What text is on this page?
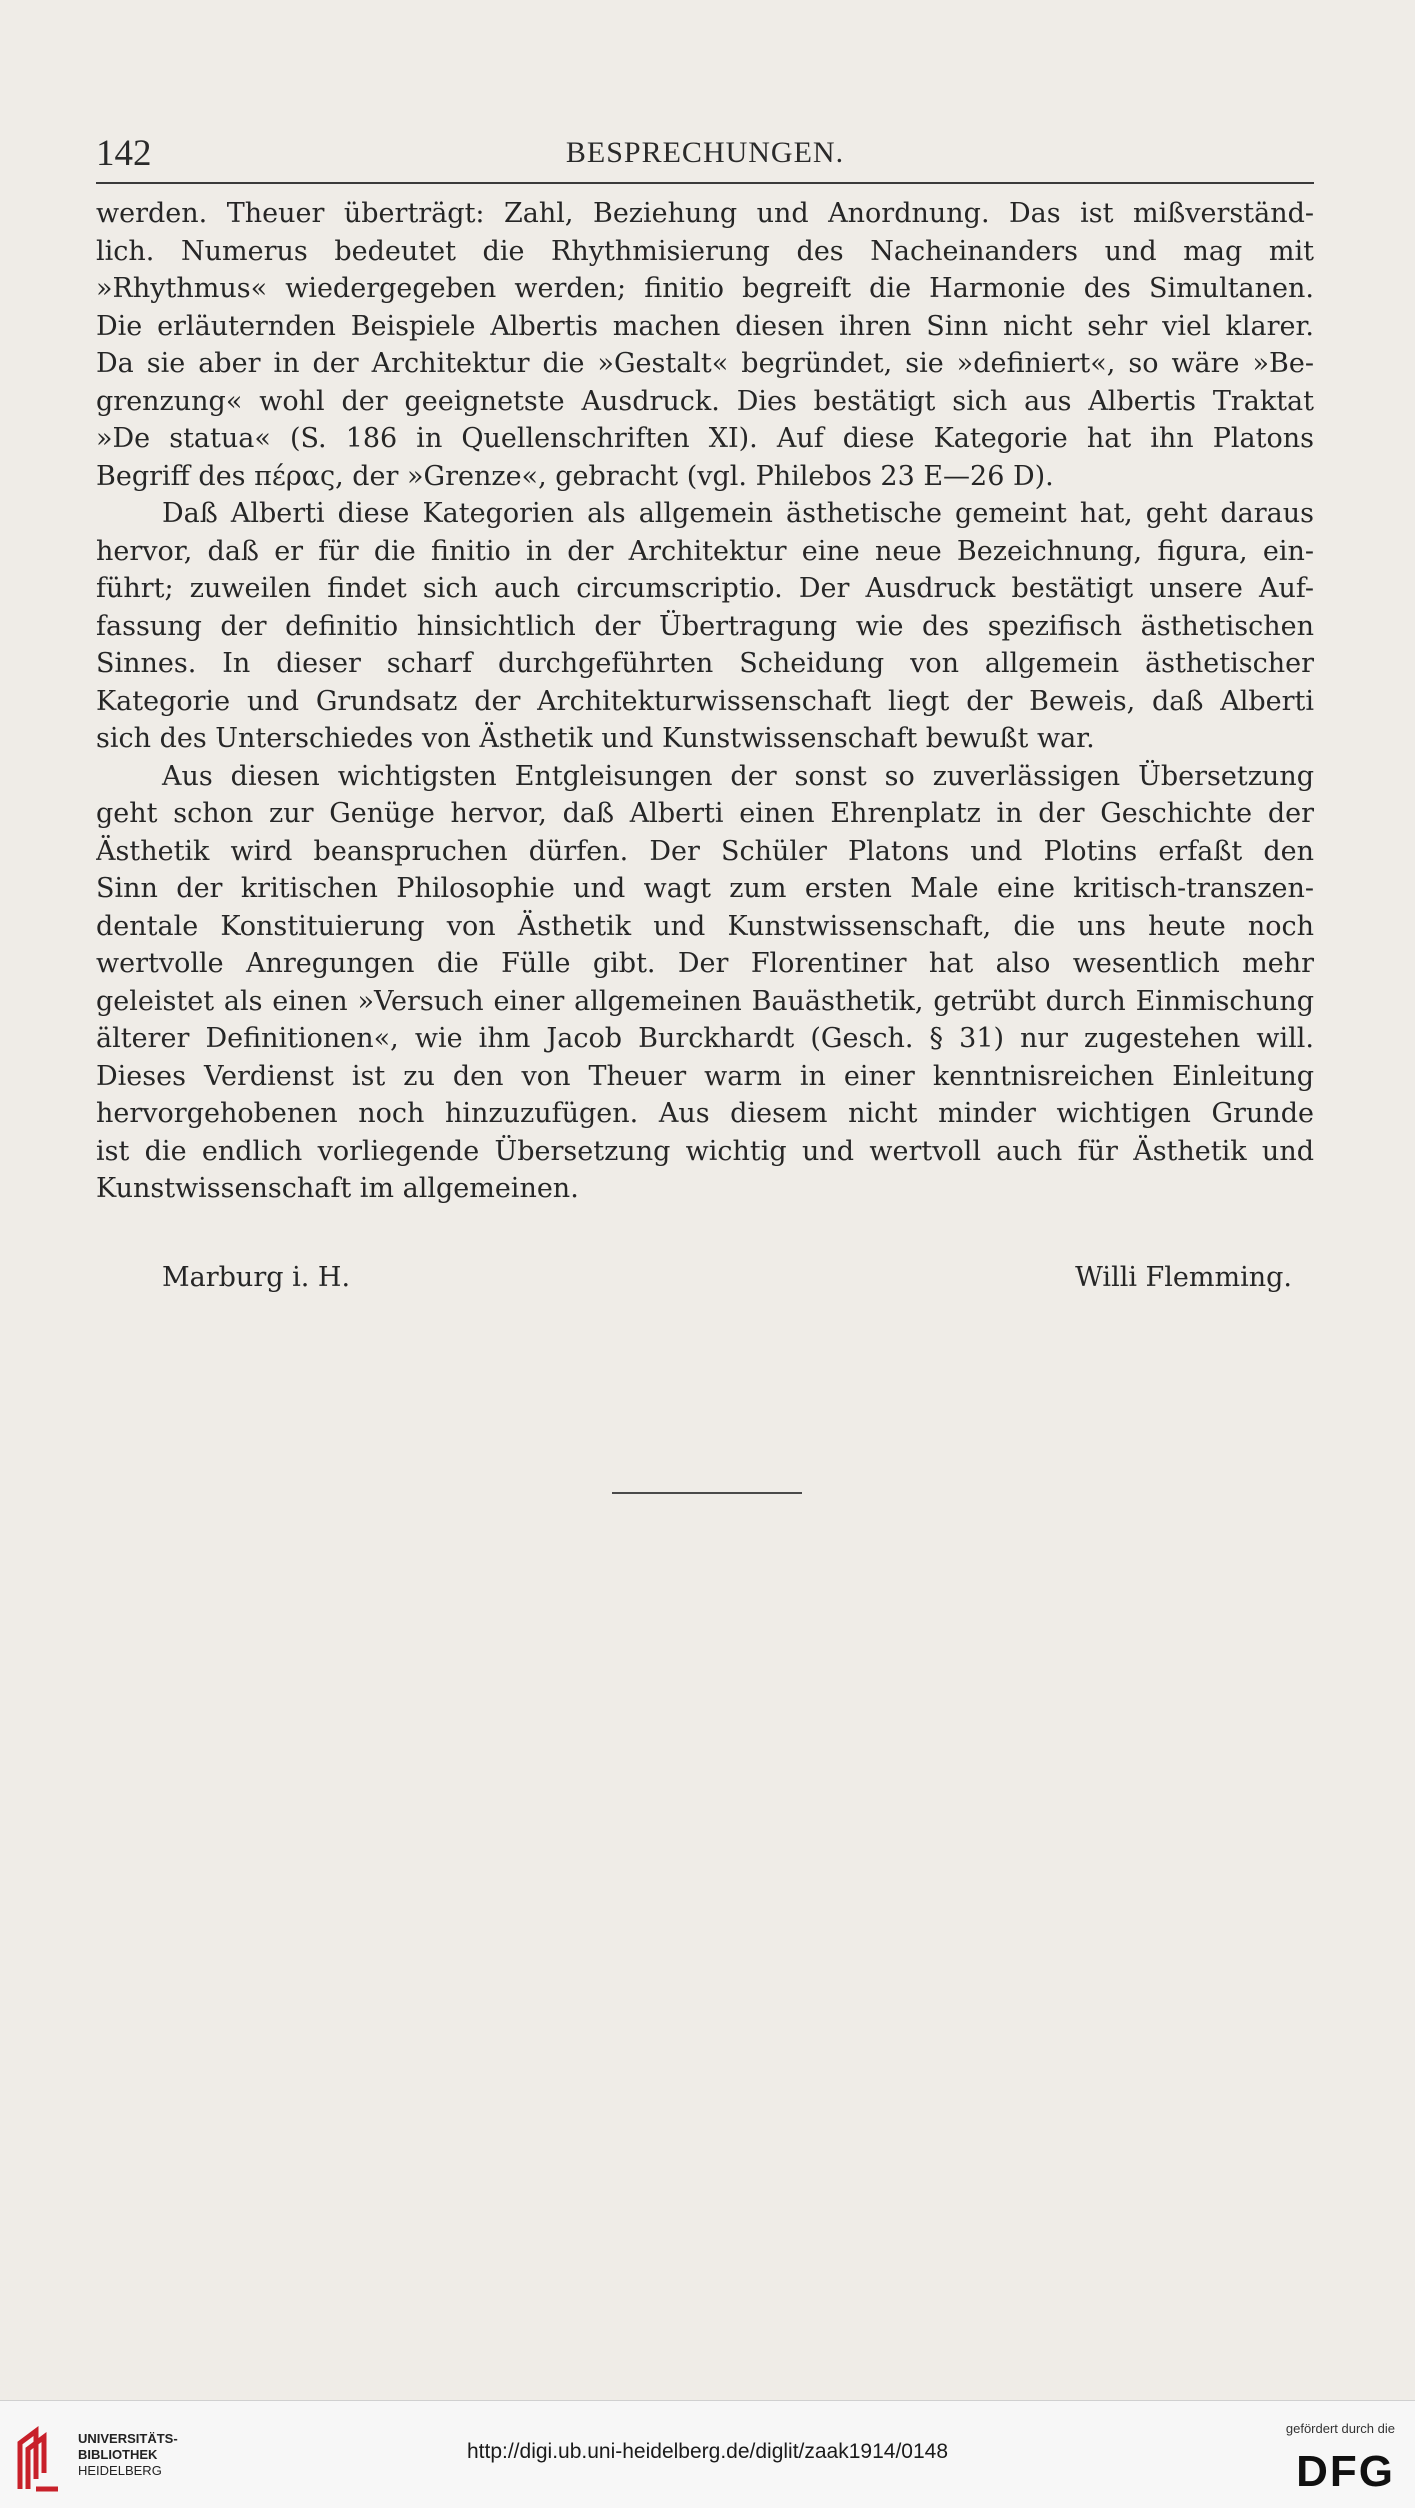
142	BESPRECHUNGEN.
werden. Theuer überträgt: Zahl, Beziehung und Anordnung. Das ist mißverständ-
lich. Numerus bedeutet die Rhythmisierung des Nacheinanders und mag mit
»Rhythmus« wiedergegeben werden; finitio begreift die Harmonie des Simultanen.
Die erläuternden Beispiele Albertis machen diesen ihren Sinn nicht sehr viel klarer.
Da sie aber in der Architektur die »Gestalt« begründet, sie »definiert«, so wäre »Be-
grenzung« wohl der geeignetste Ausdruck. Dies bestätigt sich aus Albertis Traktat
»De statua« (S. 186 in Quellenschriften XI). Auf diese Kategorie hat ihn Platons
Begriff des πέρας, der »Grenze«, gebracht (vgl. Philebos 23 E—26 D).
Daß Alberti diese Kategorien als allgemein ästhetische gemeint hat, geht daraus
hervor, daß er für die finitio in der Architektur eine neue Bezeichnung, figura, ein-
führt; zuweilen findet sich auch circumscriptio. Der Ausdruck bestätigt unsere Auf-
fassung der definitio hinsichtlich der Übertragung wie des spezifisch ästhetischen
Sinnes. In dieser scharf durchgeführten Scheidung von allgemein ästhetischer
Kategorie und Grundsatz der Architekturwissenschaft liegt der Beweis, daß Alberti
sich des Unterschiedes von Ästhetik und Kunstwissenschaft bewußt war.
Aus diesen wichtigsten Entgleisungen der sonst so zuverlässigen Übersetzung
geht schon zur Genüge hervor, daß Alberti einen Ehrenplatz in der Geschichte der
Ästhetik wird beanspruchen dürfen. Der Schüler Platons und Plotins erfaßt den
Sinn der kritischen Philosophie und wagt zum ersten Male eine kritisch-transzen-
dentale Konstituierung von Ästhetik und Kunstwissenschaft, die uns heute noch
wertvolle Anregungen die Fülle gibt. Der Florentiner hat also wesentlich mehr
geleistet als einen »Versuch einer allgemeinen Bauästhetik, getrübt durch Einmischung
älterer Definitionen«, wie ihm Jacob Burckhardt (Gesch. § 31) nur zugestehen will.
Dieses Verdienst ist zu den von Theuer warm in einer kenntnisreichen Einleitung
hervorgehobenen noch hinzuzufügen. Aus diesem nicht minder wichtigen Grunde
ist die endlich vorliegende Übersetzung wichtig und wertvoll auch für Ästhetik und
Kunstwissenschaft im allgemeinen.
Marburg i. H.	Willi Flemming.
UNIVERSITÄTS-
BIBLIOTHEK
HEIDELBERG
http://digi.ub.uni-heidelberg.de/diglit/zaak1914/0148
gefördert durch die
DFG
